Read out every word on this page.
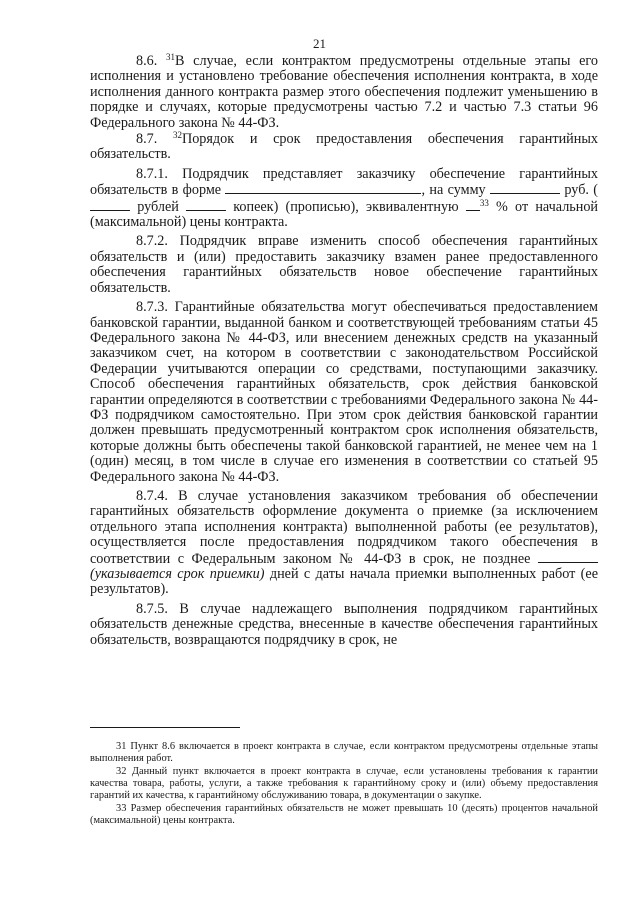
21

8.6. $^{31}$В случае, если контрактом предусмотрены отдельные этапы его исполнения и установлено требование обеспечения исполнения контракта, в ходе исполнения данного контракта размер этого обеспечения подлежит уменьшению в порядке и случаях, которые предусмотрены частью 7.2 и частью 7.3 статьи 96 Федерального закона № 44-ФЗ.

8.7. $^{32}$Порядок и срок предоставления обеспечения гарантийных обязательств.

8.7.1. Подрядчик представляет заказчику обеспечение гарантийных обязательств в форме	, на сумму	руб. ( рублей	копеек) (прописью), эквивалентную $^{33}$ % от начальной (максимальной) цены контракта.

8.7.2. Подрядчик вправе изменить способ обеспечения гарантийных обязательств и (или) предоставить заказчику взамен ранее предоставленного обеспечения гарантийных обязательств новое обеспечение гарантийных обязательств.

8.7.3. Гарантийные обязательства могут обеспечиваться предоставлением банковской гарантии, выданной банком и соответствующей требованиям статьи 45 Федерального закона № 44-ФЗ, или внесением денежных средств на указанный заказчиком счет, на котором в соответствии с законодательством Российской Федерации учитываются операции со средствами, поступающими заказчику. Способ обеспечения гарантийных обязательств, срок действия банковской гарантии определяются в соответствии с требованиями Федерального закона № 44-ФЗ подрядчиком самостоятельно. При этом срок действия банковской гарантии должен превышать предусмотренный контрактом срок исполнения обязательств, которые должны быть обеспечены такой банковской гарантией, не менее чем на 1 (один) месяц, в том числе в случае его изменения в соответствии со статьей 95 Федерального закона № 44-ФЗ.

8.7.4. В случае установления заказчиком требования об обеспечении гарантийных обязательств оформление документа о приемке (за исключением отдельного этапа исполнения контракта) выполненной работы (ее результатов), осуществляется после предоставления подрядчиком такого обеспечения в соответствии с Федеральным законом № 44-ФЗ в срок, не позднее  (указывается срок приемки) дней с даты начала приемки выполненных работ (ее результатов).

8.7.5. В случае надлежащего выполнения подрядчиком гарантийных обязательств денежные средства, внесенные в качестве обеспечения гарантийных обязательств, возвращаются подрядчику в срок, не

31 Пункт 8.6 включается в проект контракта в случае, если контрактом предусмотрены отдельные этапы выполнения работ.

32 Данный пункт включается в проект контракта в случае, если установлены требования к гарантии качества товара, работы, услуги, а также требования к гарантийному сроку и (или) объему предоставления гарантий их качества, к гарантийному обслуживанию товара, в документации о закупке.

33 Размер обеспечения гарантийных обязательств не может превышать 10 (десять) процентов начальной (максимальной) цены контракта.
